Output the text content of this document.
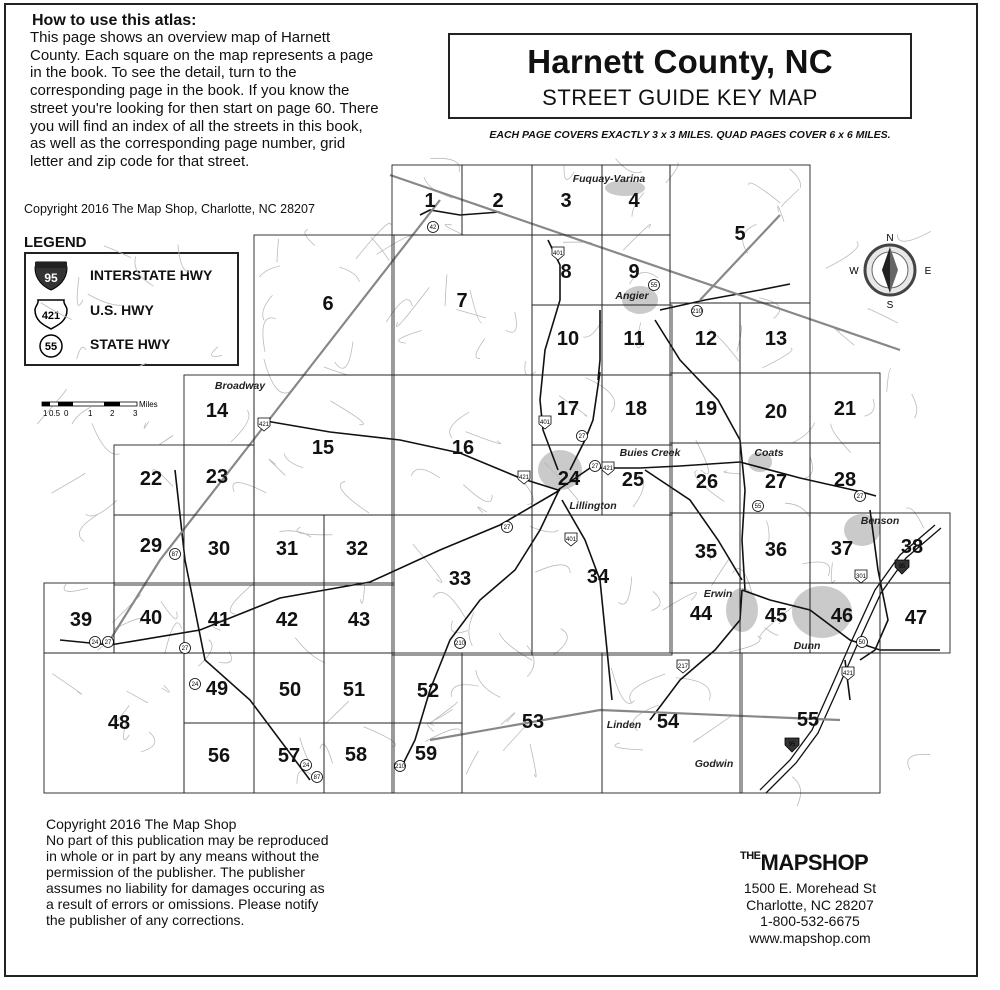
How to use this atlas:
This page shows an overview map of Harnett County. Each square on the map represents a page in the book. To see the detail, turn to the corresponding page in the book. If you know the street you're looking for then start on page 60. There you will find an index of all the streets in this book, as well as the corresponding page number, grid letter and zip code for that street.
Copyright 2016 The Map Shop, Charlotte, NC 28207
Harnett County, NC
STREET GUIDE KEY MAP
EACH PAGE COVERS EXACTLY 3 x 3 MILES. QUAD PAGES COVER 6 x 6 MILES.
LEGEND
95
421
55
INTERSTATE HWY
U.S. HWY
STATE HWY
1	2	3	4
5
6	7
8	9
10 11	12 13
14
15	16
17 18 19 20 21
22 23	24 25	26 27 28
29 30 31 32
33	34
35 36 37 38
39 40 41 42 43	44	45 46	47
48
49	50 51	52
53	54	55
56 57 58 59
Fuquay-Varina
Angier
Broadway
Buies Creek	Coats
Lillington
Benson
Erwin
Dunn
Linden
Godwin
42
401
55
210
421
27
27
421
401
421
55
301
95
27
24
87
27
24
27	210
27
401
217
50
421
95
24
87
210
N
S
E
W
Miles
1 0.5 0 1 2 3
Copyright 2016 The Map Shop
No part of this publication may be reproduced in whole or in part by any means without the permission of the publisher. The publisher assumes no liability for damages occuring as a result of errors or omissions. Please notify the publisher of any corrections.
$^{THE}$MAPSHOP
1500 E. Morehead St
Charlotte, NC 28207
1-800-532-6675
www.mapshop.com
